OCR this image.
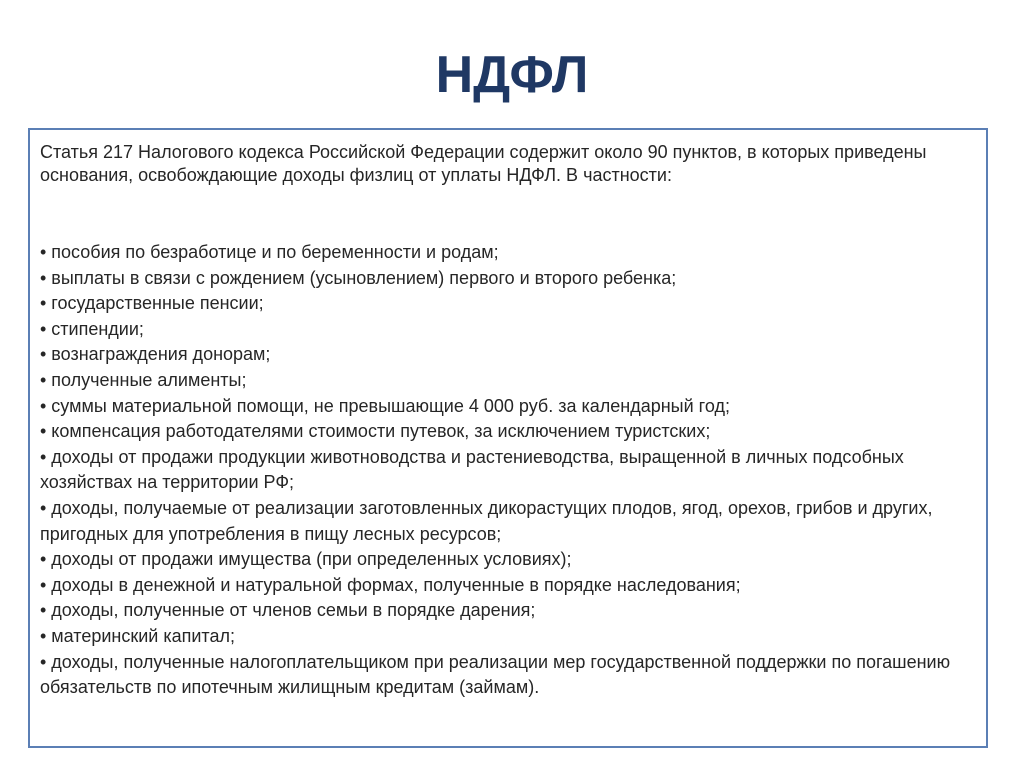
НДФЛ

Статья 217 Налогового кодекса Российской Федерации содержит около 90 пунктов, в которых приведены основания, освобождающие доходы физлиц от уплаты НДФЛ. В частности:

• пособия по безработице и по беременности и родам;
• выплаты в связи с рождением (усыновлением) первого и второго ребенка;
• государственные пенсии;
• стипендии;
• вознаграждения донорам;
• полученные алименты;
• суммы материальной помощи, не превышающие 4 000 руб. за календарный год;
• компенсация работодателями стоимости путевок, за исключением туристских;
• доходы от продажи продукции животноводства и растениеводства, выращенной в личных подсобных хозяйствах на территории РФ;
• доходы, получаемые от реализации заготовленных дикорастущих плодов, ягод, орехов, грибов и других, пригодных для употребления в пищу лесных ресурсов;
• доходы от продажи имущества (при определенных условиях);
• доходы в денежной и натуральной формах, полученные в порядке наследования;
• доходы, полученные от членов семьи в порядке дарения;
• материнский капитал;
• доходы, полученные налогоплательщиком при реализации мер государственной поддержки по погашению обязательств по ипотечным жилищным кредитам (займам).
